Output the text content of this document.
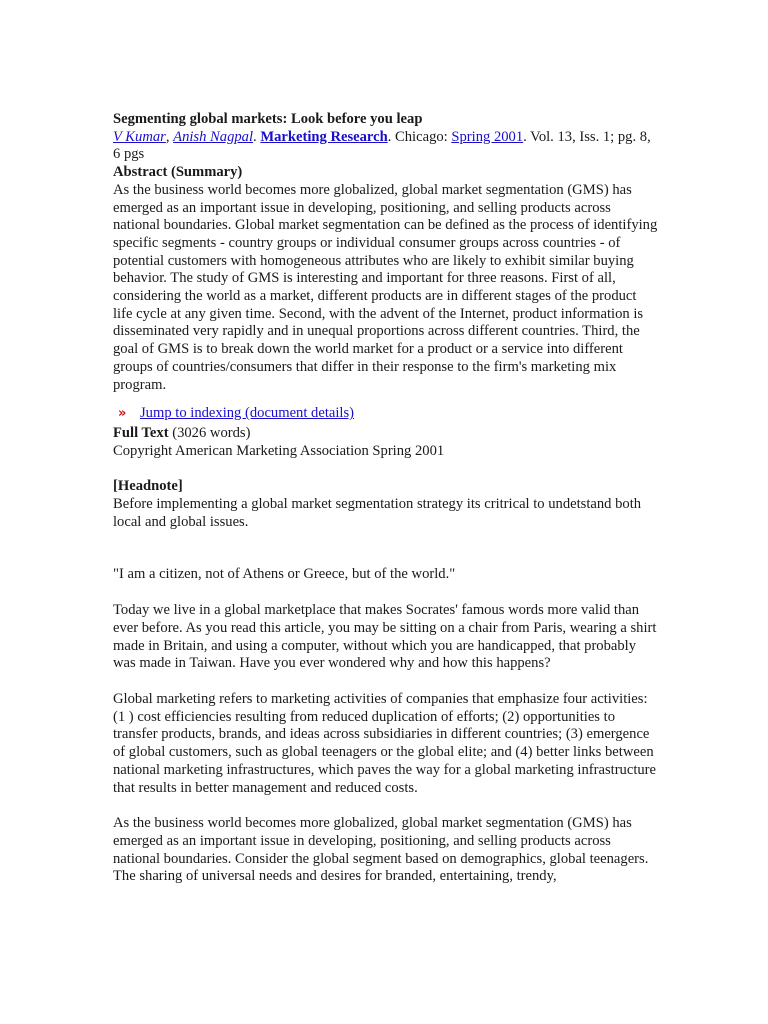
Segmenting global markets: Look before you leap
V Kumar, Anish Nagpal. Marketing Research. Chicago: Spring 2001. Vol. 13, Iss. 1; pg. 8, 6 pgs
Abstract (Summary)

As the business world becomes more globalized, global market segmentation (GMS) has emerged as an important issue in developing, positioning, and selling products across national boundaries. Global market segmentation can be defined as the process of identifying specific segments - country groups or individual consumer groups across countries - of potential customers with homogeneous attributes who are likely to exhibit similar buying behavior. The study of GMS is interesting and important for three reasons. First of all, considering the world as a market, different products are in different stages of the product life cycle at any given time. Second, with the advent of the Internet, product information is disseminated very rapidly and in unequal proportions across different countries. Third, the goal of GMS is to break down the world market for a product or a service into different groups of countries/consumers that differ in their response to the firm's marketing mix program.

» Jump to indexing (document details)
Full Text (3026 words)
Copyright American Marketing Association Spring 2001
[Headnote]

Before implementing a global market segmentation strategy its critrical to undetstand both local and global issues.

"I am a citizen, not of Athens or Greece, but of the world."

Today we live in a global marketplace that makes Socrates' famous words more valid than ever before. As you read this article, you may be sitting on a chair from Paris, wearing a shirt made in Britain, and using a computer, without which you are handicapped, that probably was made in Taiwan. Have you ever wondered why and how this happens?

Global marketing refers to marketing activities of companies that emphasize four activities: (1 ) cost efficiencies resulting from reduced duplication of efforts; (2) opportunities to transfer products, brands, and ideas across subsidiaries in different countries; (3) emergence of global customers, such as global teenagers or the global elite; and (4) better links between national marketing infrastructures, which paves the way for a global marketing infrastructure that results in better management and reduced costs.

As the business world becomes more globalized, global market segmentation (GMS) has emerged as an important issue in developing, positioning, and selling products across national boundaries. Consider the global segment based on demographics, global teenagers. The sharing of universal needs and desires for branded, entertaining, trendy,
